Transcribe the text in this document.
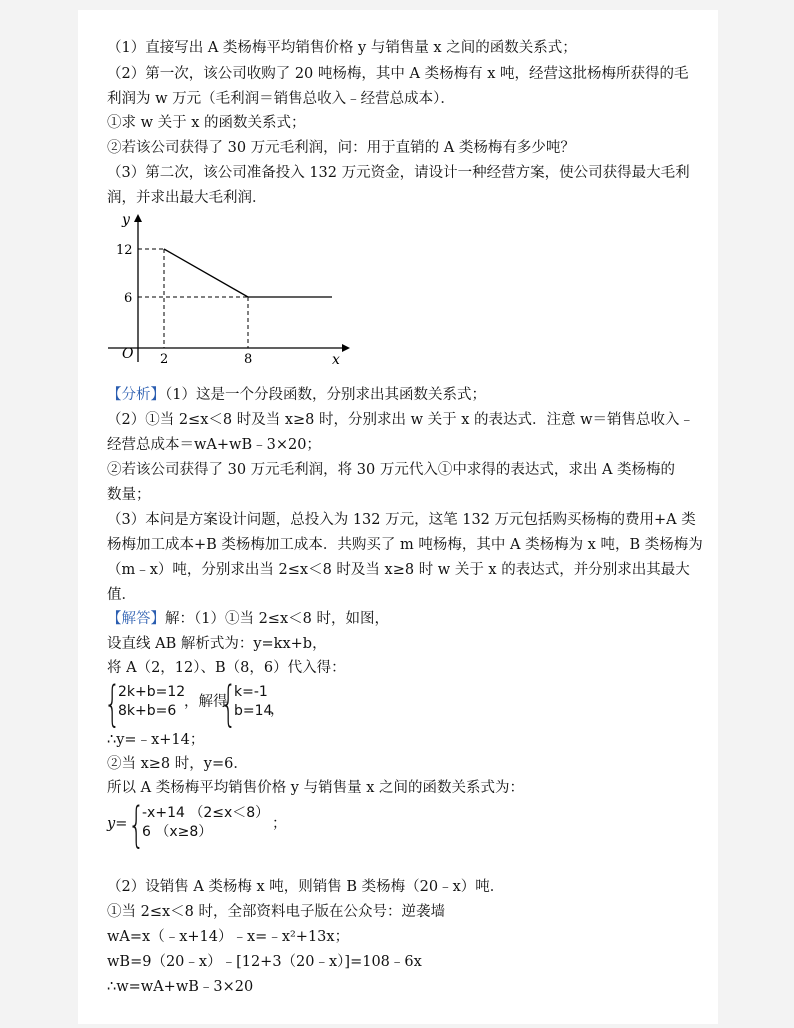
（1）直接写出 A 类杨梅平均销售价格 y 与销售量 x 之间的函数关系式；
（2）第一次，该公司收购了 20 吨杨梅，其中 A 类杨梅有 x 吨，经营这批杨梅所获得的毛
利润为 w 万元（毛利润＝销售总收入﹣经营总成本）．
①求 w 关于 x 的函数关系式；
②若该公司获得了 30 万元毛利润，问：用于直销的 A 类杨梅有多少吨？
（3）第二次，该公司准备投入 132 万元资金，请设计一种经营方案，使公司获得最大毛利
润，并求出最大毛利润．
y
x
O
12
6
2	8
【分析】（1）这是一个分段函数，分别求出其函数关系式；
（2）①当 2≤x＜8 时及当 x≥8 时，分别求出 w 关于 x 的表达式．注意 w＝销售总收入﹣
经营总成本＝wA+wB﹣3×20；
②若该公司获得了 30 万元毛利润，将 30 万元代入①中求得的表达式，求出 A 类杨梅的
数量；
（3）本问是方案设计问题，总投入为 132 万元，这笔 132 万元包括购买杨梅的费用+A 类
杨梅加工成本+B 类杨梅加工成本．共购买了 m 吨杨梅，其中 A 类杨梅为 x 吨，B 类杨梅为
（m﹣x）吨，分别求出当 2≤x＜8 时及当 x≥8 时 w 关于 x 的表达式，并分别求出其最大
值．
【解答】解：（1）①当 2≤x＜8 时，如图，
设直线 AB 解析式为：y=kx+b，
将 A（2，12）、B（8，6）代入得：
{
2k+b=12
8k+b=6
，解得
{
k=-1
b=14
，
∴y=﹣x+14；
②当 x≥8 时，y=6．
所以 A 类杨梅平均销售价格 y 与销售量 x 之间的函数关系式为：
y= {
-x+14 （2≤x＜8）
6 （x≥8）	；
（2）设销售 A 类杨梅 x 吨，则销售 B 类杨梅（20﹣x）吨．
①当 2≤x＜8 时，全部资料电子版在公众号：逆袭墙
wA=x（﹣x+14）﹣x=﹣x²+13x；
wB=9（20﹣x）﹣[12+3（20﹣x）]=108﹣6x
∴w=wA+wB﹣3×20
